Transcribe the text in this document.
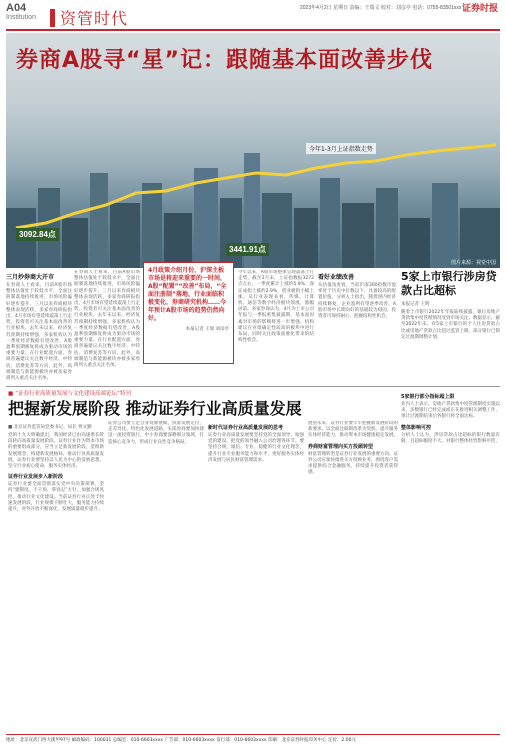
A04
Institution 资管时代
2023年4月2日 星期日 责编：王瑞文 校对：刘彦亭 电话：0755-83501xxx 证券时报
券商A股寻“星”记：跟随基本面改善步伐
今年1-3月上证指数走势
3092.84点
3441.91点
图片来源：视觉中国
三月炒券商大开市
在券商人士看来，目前A股市场整体估值处于较低水平，全面注册制落地持续推进，市场风险偏好逐步提升，三月以来券商板块整体表现活跃，多家券商研报指出，4月市场有望延续震荡上行走势，投资者可关注基本面改善的行业板块。去年末以来，经济复苏预期持续增强，多家机构认为一季度经济数据有望改善，A股盈利预期修复将成为驱动市场的重要力量。在行业配置方面，券商普遍建议关注数字经济、中特估、消费复苏等方向，此外，高端制造与新能源板块亦被多家券商列入重点关注名单。
在券商人士看来，目前A股市场整体估值处于较低水平，全面注册制落地持续推进，市场风险偏好逐步提升，三月以来券商板块整体表现活跃，多家券商研报指出，4月市场有望延续震荡上行走势，投资者可关注基本面改善的行业板块。去年末以来，经济复苏预期持续增强，多家机构认为一季度经济数据有望改善，A股盈利预期修复将成为驱动市场的重要力量。在行业配置方面，券商普遍建议关注数字经济、中特估、消费复苏等方向，此外，高端制造与新能源板块亦被多家券商列入重点关注名单。
4月政策介绍月份，沪深主板市场是将迎来重要的一时间，A股“配置”“改善”布局，“全面注册制”落地，行业面临积极变化，券商研究机构……今年预计A股市场的趋势仍然向好。
本报记者 王瑞 刘彦亭
今年以来，A股市场整体呈现震荡上行走势。截至3月末，上证指数报3272点左右，一季度累计上涨约5.9%；深证成指上涨约2.9%，创业板指小幅上涨。从行业表现来看，传媒、计算机、通信等数字经济板块领涨，涨幅居前。多家券商认为，4月为上市公司年报与一季报密集披露期，基本面因素对市场的影响将进一步增强。机构建议在业绩确定性较高的板块中进行布局，同时关注政策面催化带来的结构性机会。
看好业绩改善
从估值角度看，当前沪深300指数市盈率处于历史中位数以下，具备较高的配置价值。分析人士指出，随着国内经济持续修复，企业盈利有望逐季改善，A股市场中长期向好的基础较为稳固，投资者可保持耐心、把握结构性机会。
5家上市银行涉房贷款占比超标
本报记者 王明
随着上市银行2022年年报陆续披露，银行房地产贷款集中度管理情况受到市场关注。数据显示，截至2022年末，有5家上市银行的个人住房贷款占比或房地产贷款占比超过监管上限，部分银行已制定过渡期调整计划。
■ “证券行业高质量发展与文化建设高端论坛”特刊
把握新发展阶段 推动证券行业高质量发展
■ 北京证券监管局党委书记、局长 贾文勤
党的十九大明确提出，我国经济已由高速增长阶段转向高质量发展阶段。证券行业作为资本市场的重要组成部分，应当立足新发展阶段、贯彻新发展理念、构建新发展格局，推动行业高质量发展。证券行业要坚持以人民为中心的发展思想，坚守行业初心使命，服务实体经济。
证券行业发展步入新阶段
证券行业要全面贯彻落实党中央决策部署，坚持“建制度、不干预、零容忍”方针，加强合规风控，推动行业文化建设。当前证券行业正处于快速发展阶段，行业规模不断壮大，服务能力持续提升，对外开放不断深化，发展质量稳步提升。
证券公司要立足自身资源禀赋，找准发展定位，走差异化、特色化发展道路。头部券商要加快建设一流投资银行，中小券商要深耕细分领域，打造核心竞争力，形成行业良性竞争格局。
新时代证券行业高质量发展的思考
证券行业高质量发展要坚持党的全面领导，加强党的建设，把党的领导融入公司治理各环节。要坚持合规、诚信、专业、稳健的行业文化理念，提升行业专业服务能力和水平，更好服务实体经济发展与居民财富管理需求。
展望未来，证券行业要牢牢把握新发展阶段的新要求，以全面注册制改革为契机，提升服务实体经济能力，推动资本市场健康稳定发展。
券商财富管理向买方投顾转型
财富管理转型是证券行业发展的重要方向。证券公司应加快推进买方投顾业务，围绕客户需求提供综合金融服务，持续提升投资者获得感。
5家银行部分指标超上限
业内人士表示，房地产贷款集中度管理制度实施以来，多数银行已经完成或正在推进相关调整工作，预计过渡期结束后各银行将全面达标。
整体影响可控
分析人士认为，涉房贷款占比超标的银行数量有限，且超标幅度不大，对银行整体经营影响可控。
地址：北京宣武门西大街甲97号 邮政编码：100031 总编室：010-6603xxxx 广告部：010-6603xxxx 发行部：010-6603xxxx 印刷：北京证券时报印务中心 定价：2.00元
